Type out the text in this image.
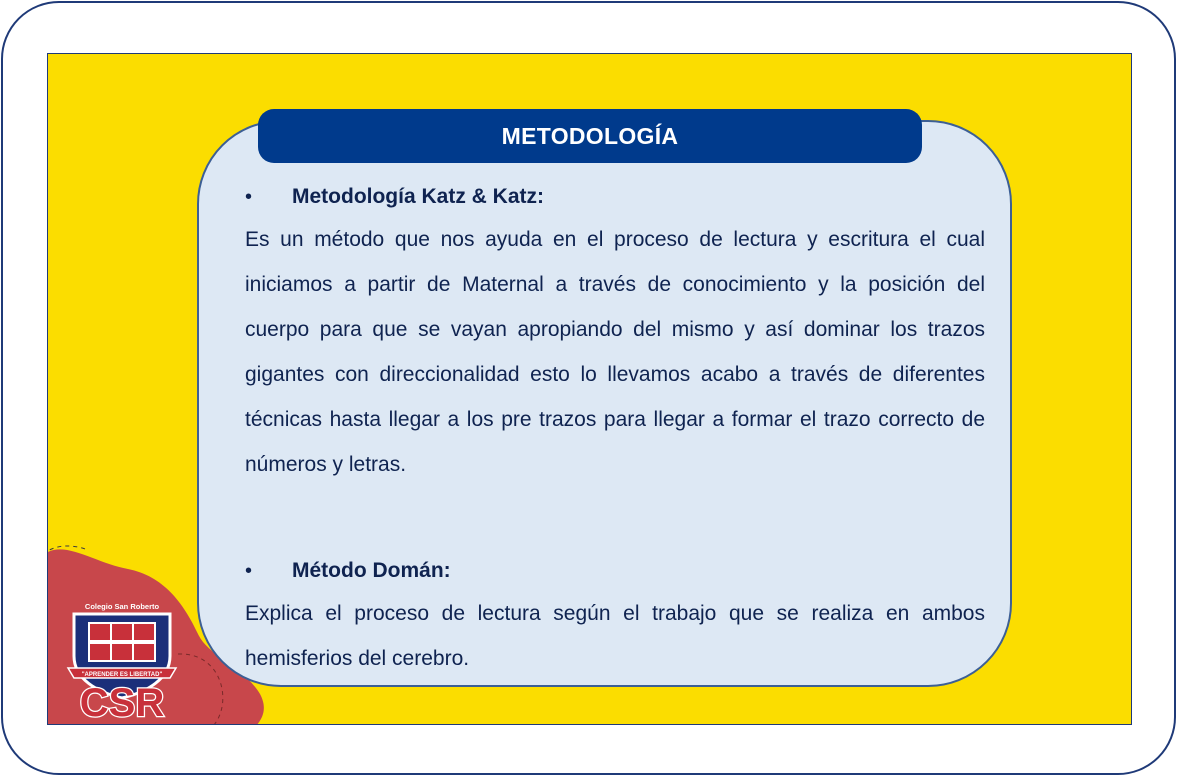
METODOLOGÍA
•	Metodología Katz & Katz:

Es un método que nos ayuda en el proceso de lectura y escritura el cual iniciamos a partir de Maternal a través de conocimiento y la posición del cuerpo para que se vayan apropiando del mismo y así dominar los trazos gigantes con direccionalidad esto lo llevamos acabo a través de diferentes técnicas hasta llegar a los pre trazos para llegar a formar el trazo correcto de números y letras.

•	Método Domán:

Explica el proceso de lectura según el trabajo que se realiza en ambos hemisferios del cerebro.

Colegio San Roberto
"APRENDER ES LIBERTAD"
CSR
